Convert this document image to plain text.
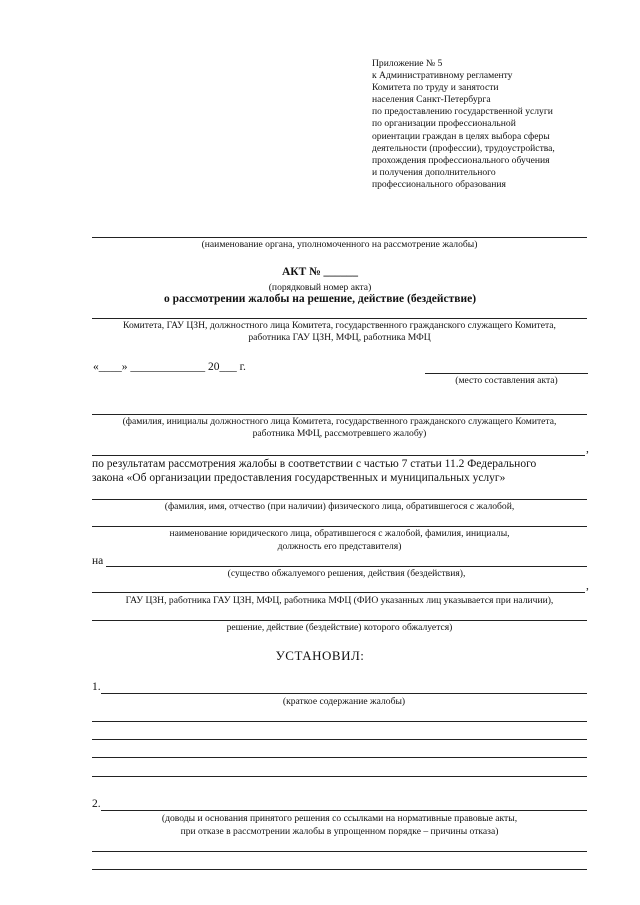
Приложение № 5
к Административному регламенту
Комитета по труду и занятости
населения Санкт-Петербурга
по предоставлению государственной услуги
по организации профессиональной
ориентации граждан в целях выбора сферы
деятельности (профессии), трудоустройства,
прохождения профессионального обучения
и получения дополнительного
профессионального образования
(наименование органа, уполномоченного на рассмотрение жалобы)
АКТ № ______
(порядковый номер акта)
о рассмотрении жалобы на решение, действие (бездействие)
Комитета, ГАУ ЦЗН, должностного лица Комитета, государственного гражданского служащего Комитета,
работника ГАУ ЦЗН, МФЦ, работника МФЦ
«____» _____________ 20___ г.
(место составления акта)
(фамилия, инициалы должностного лица Комитета, государственного гражданского служащего Комитета,
работника МФЦ, рассмотревшего жалобу)
,
по результатам рассмотрения жалобы в соответствии с частью 7 статьи 11.2 Федерального
закона «Об организации предоставления государственных и муниципальных услуг»
(фамилия, имя, отчество (при наличии) физического лица, обратившегося с жалобой,
наименование юридического лица, обратившегося с жалобой, фамилия, инициалы,
должность его представителя)
на
(существо обжалуемого решения, действия (бездействия),
,
ГАУ ЦЗН, работника ГАУ ЦЗН, МФЦ, работника МФЦ (ФИО указанных лиц указывается при наличии),
решение, действие (бездействие) которого обжалуется)
УСТАНОВИЛ:
1.
(краткое содержание жалобы)
2.
(доводы и основания принятого решения со ссылками на нормативные правовые акты,
при отказе в рассмотрении жалобы в упрощенном порядке – причины отказа)
